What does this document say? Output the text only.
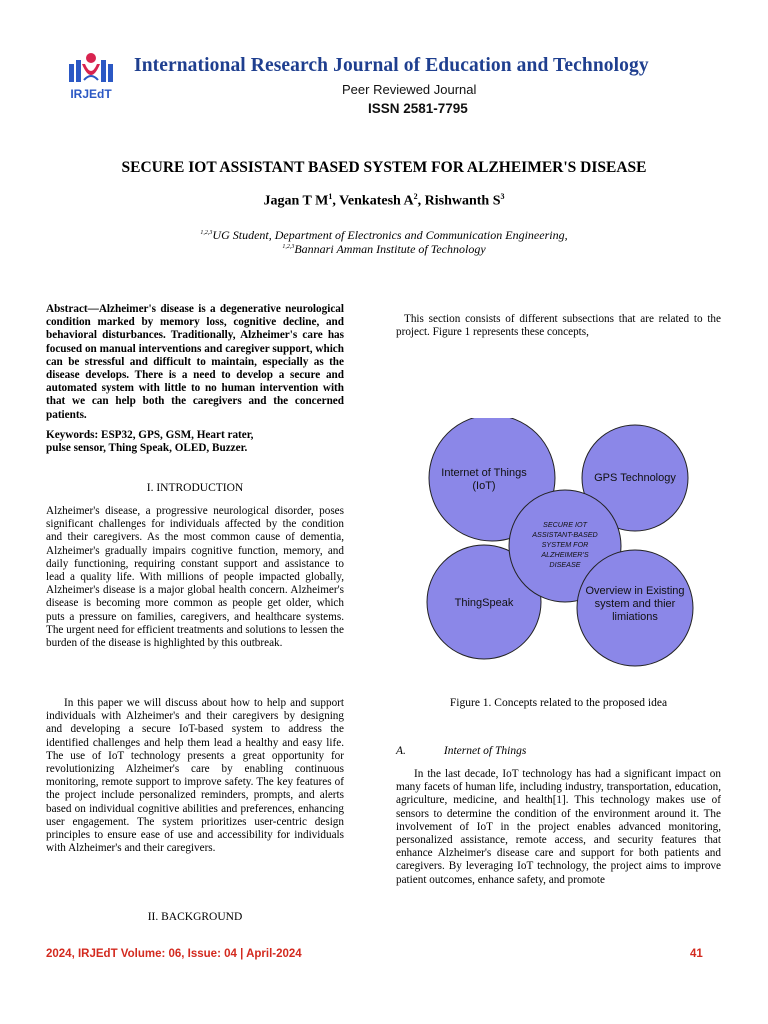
IRJEdT
International Research Journal of Education and Technology
Peer Reviewed Journal
ISSN 2581-7795
SECURE IOT ASSISTANT BASED SYSTEM FOR ALZHEIMER'S DISEASE
Jagan T $M^1$, Venkatesh $A^2$, Rishwanth $S^3$
$^{1,2,3}$UG Student, Department of Electronics and Communication Engineering,
$^{1,2,3}$Bannari Amman Institute of Technology
Abstract—Alzheimer's disease is a degenerative neurological condition marked by memory loss, cognitive decline, and behavioral disturbances. Traditionally, Alzheimer's care has focused on manual interventions and caregiver support, which can be stressful and difficult to maintain, especially as the disease develops. There is a need to develop a secure and automated system with little to no human intervention with that we can help both the caregivers and the concerned patients.
Keywords: ESP32, GPS, GSM, Heart rater,
pulse sensor, Thing Speak, OLED, Buzzer.
I. INTRODUCTION
Alzheimer's disease, a progressive neurological disorder, poses significant challenges for individuals affected by the condition and their caregivers. As the most common cause of dementia, Alzheimer's gradually impairs cognitive function, memory, and daily functioning, requiring constant support and assistance to lead a quality life. With millions of people impacted globally, Alzheimer's disease is a major global health concern. Alzheimer's disease is becoming more common as people get older, which puts a pressure on families, caregivers, and healthcare systems. The urgent need for efficient treatments and solutions to lessen the burden of the disease is highlighted by this outbreak.
In this paper we will discuss about how to help and support individuals with Alzheimer's and their caregivers by designing and developing a secure IoT-based system to address the identified challenges and help them lead a healthy and easy life. The use of IoT technology presents a great opportunity for revolutionizing Alzheimer's care by enabling continuous monitoring, remote support to improve safety. The key features of the project include personalized reminders, prompts, and alerts based on individual cognitive abilities and preferences, enhancing user engagement. The system prioritizes user-centric design principles to ensure ease of use and accessibility for individuals with Alzheimer's and their caregivers.
II. BACKGROUND
This section consists of different subsections that are related to the project. Figure 1 represents these concepts,
Internet of Things
(IoT)
GPS Technology
ThingSpeak
SECURE IOT
ASSISTANT-BASED
SYSTEM FOR
ALZHEIMER'S
DISEASE
Overview in Existing
system and thier
limiations
Figure 1. Concepts related to the proposed idea
A.	Internet of Things
In the last decade, IoT technology has had a significant impact on many facets of human life, including industry, transportation, education, agriculture, medicine, and health[1]. This technology makes use of sensors to determine the condition of the environment around it. The involvement of IoT in the project enables advanced monitoring, personalized assistance, remote access, and security features that enhance Alzheimer's disease care and support for both patients and caregivers. By leveraging IoT technology, the project aims to improve patient outcomes, enhance safety, and promote
2024, IRJEdT Volume: 06, Issue: 04 | April-2024	41
